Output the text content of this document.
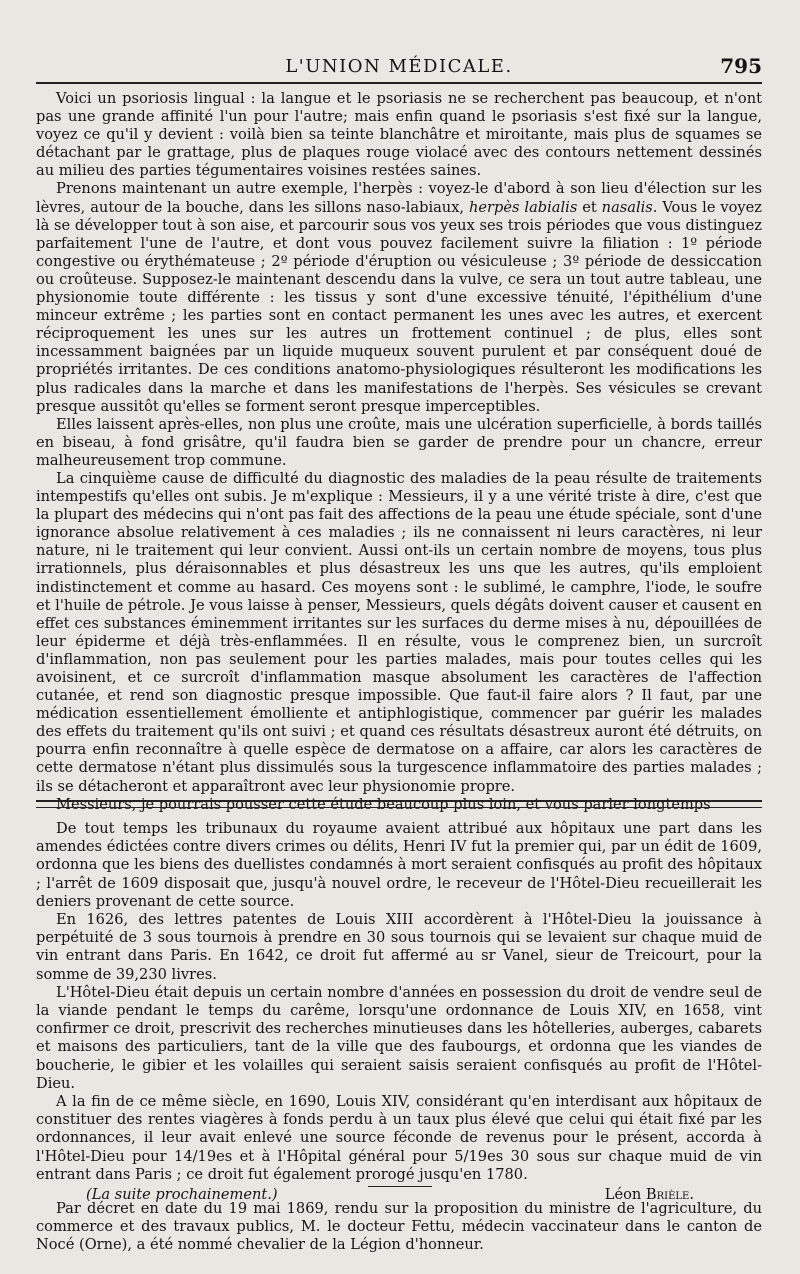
L'UNION MÉDICALE.	795

Voici un psoriosis lingual : la langue et le psoriasis ne se recherchent pas beaucoup, et n'ont pas une grande affinité l'un pour l'autre; mais enfin quand le psoriasis s'est fixé sur la langue, voyez ce qu'il y devient : voilà bien sa teinte blanchâtre et miroitante, mais plus de squames se détachant par le grattage, plus de plaques rouge violacé avec des contours nettement dessinés au milieu des parties tégumentaires voisines restées saines.

Prenons maintenant un autre exemple, l'herpès : voyez-le d'abord à son lieu d'élection sur les lèvres, autour de la bouche, dans les sillons naso-labiaux, herpès labialis et nasalis. Vous le voyez là se développer tout à son aise, et parcourir sous vos yeux ses trois périodes que vous distinguez parfaitement l'une de l'autre, et dont vous pouvez facilement suivre la filiation : 1º période congestive ou érythémateuse ; 2º période d'éruption ou vésiculeuse ; 3º période de dessiccation ou croûteuse. Supposez-le maintenant descendu dans la vulve, ce sera un tout autre tableau, une physionomie toute différente : les tissus y sont d'une excessive ténuité, l'épithélium d'une minceur extrême ; les parties sont en contact permanent les unes avec les autres, et exercent réciproquement les unes sur les autres un frottement continuel ; de plus, elles sont incessamment baignées par un liquide muqueux souvent purulent et par conséquent doué de propriétés irritantes. De ces conditions anatomo-physiologiques résulteront les modifications les plus radicales dans la marche et dans les manifestations de l'herpès. Ses vésicules se crevant presque aussitôt qu'elles se forment seront presque imperceptibles.

Elles laissent après-elles, non plus une croûte, mais une ulcération superficielle, à bords taillés en biseau, à fond grisâtre, qu'il faudra bien se garder de prendre pour un chancre, erreur malheureusement trop commune.

La cinquième cause de difficulté du diagnostic des maladies de la peau résulte de traitements intempestifs qu'elles ont subis. Je m'explique : Messieurs, il y a une vérité triste à dire, c'est que la plupart des médecins qui n'ont pas fait des affections de la peau une étude spéciale, sont d'une ignorance absolue relativement à ces maladies ; ils ne connaissent ni leurs caractères, ni leur nature, ni le traitement qui leur convient. Aussi ont-ils un certain nombre de moyens, tous plus irrationnels, plus déraisonnables et plus désastreux les uns que les autres, qu'ils emploient indistinctement et comme au hasard. Ces moyens sont : le sublimé, le camphre, l'iode, le soufre et l'huile de pétrole. Je vous laisse à penser, Messieurs, quels dégâts doivent causer et causent en effet ces substances éminemment irritantes sur les surfaces du derme mises à nu, dépouillées de leur épiderme et déjà très-enflammées. Il en résulte, vous le comprenez bien, un surcroît d'inflammation, non pas seulement pour les parties malades, mais pour toutes celles qui les avoisinent, et ce surcroît d'inflammation masque absolument les caractères de l'affection cutanée, et rend son diagnostic presque impossible. Que faut-il faire alors ? Il faut, par une médication essentiellement émolliente et antiphlogistique, commencer par guérir les malades des effets du traitement qu'ils ont suivi ; et quand ces résultats désastreux auront été détruits, on pourra enfin reconnaître à quelle espèce de dermatose on a affaire, car alors les caractères de cette dermatose n'étant plus dissimulés sous la turgescence inflammatoire des parties malades ; ils se détacheront et apparaîtront avec leur physionomie propre.

Messieurs, je pourrais pousser cette étude beaucoup plus loin, et vous parler longtemps

De tout temps les tribunaux du royaume avaient attribué aux hôpitaux une part dans les amendes édictées contre divers crimes ou délits, Henri IV fut la premier qui, par un édit de 1609, ordonna que les biens des duellistes condamnés à mort seraient confisqués au profit des hôpitaux ; l'arrêt de 1609 disposait que, jusqu'à nouvel ordre, le receveur de l'Hôtel-Dieu recueillerait les deniers provenant de cette source.

En 1626, des lettres patentes de Louis XIII accordèrent à l'Hôtel-Dieu la jouissance à perpétuité de 3 sous tournois à prendre en 30 sous tournois qui se levaient sur chaque muid de vin entrant dans Paris. En 1642, ce droit fut affermé au sr Vanel, sieur de Treicourt, pour la somme de 39,230 livres.

L'Hôtel-Dieu était depuis un certain nombre d'années en possession du droit de vendre seul de la viande pendant le temps du carême, lorsqu'une ordonnance de Louis XIV, en 1658, vint confirmer ce droit, prescrivit des recherches minutieuses dans les hôtelleries, auberges, cabarets et maisons des particuliers, tant de la ville que des faubourgs, et ordonna que les viandes de boucherie, le gibier et les volailles qui seraient saisis seraient confisqués au profit de l'Hôtel-Dieu.

A la fin de ce même siècle, en 1690, Louis XIV, considérant qu'en interdisant aux hôpitaux de constituer des rentes viagères à fonds perdu à un taux plus élevé que celui qui était fixé par les ordonnances, il leur avait enlevé une source féconde de revenus pour le présent, accorda à l'Hôtel-Dieu pour 14/19es et à l'Hôpital général pour 5/19es 30 sous sur chaque muid de vin entrant dans Paris ; ce droit fut également prorogé jusqu'en 1780.

(La suite prochainement.)	Léon Brièle.

Par décret en date du 19 mai 1869, rendu sur la proposition du ministre de l'agriculture, du commerce et des travaux publics, M. le docteur Fettu, médecin vaccinateur dans le canton de Nocé (Orne), a été nommé chevalier de la Légion d'honneur.
